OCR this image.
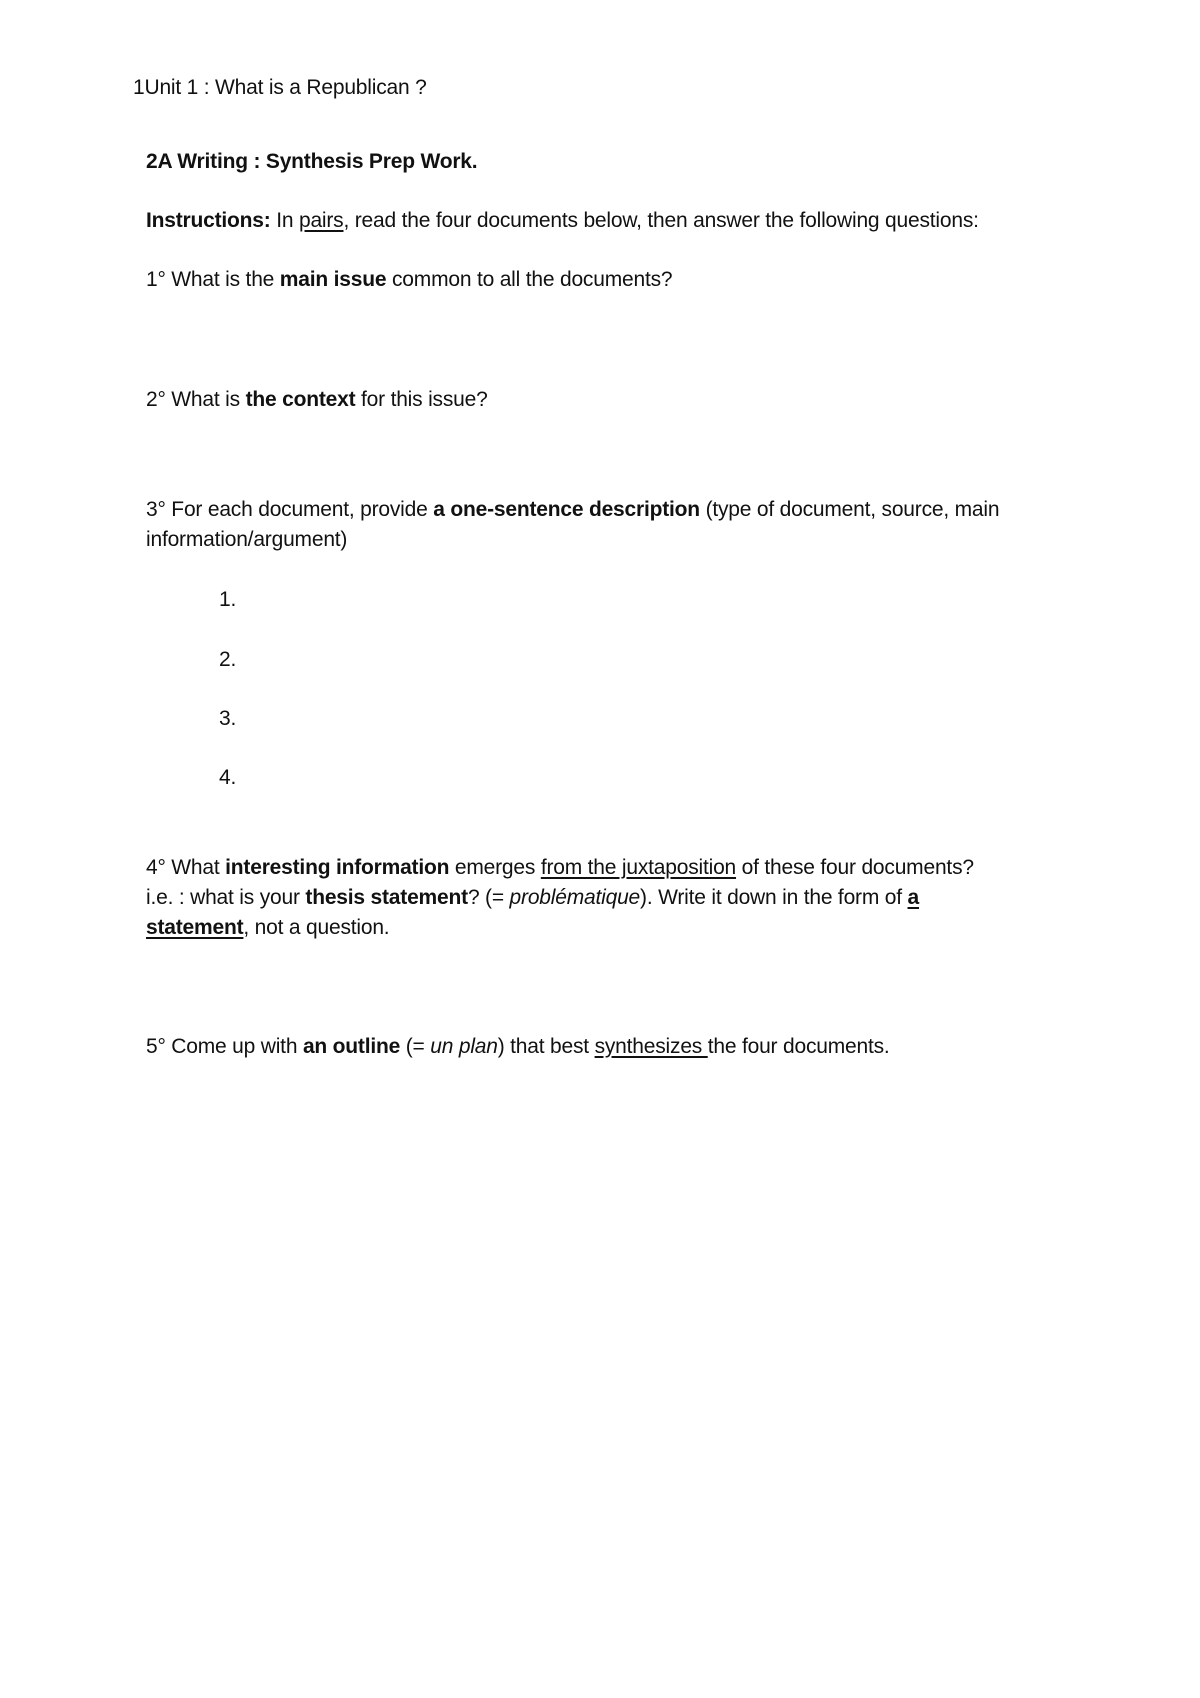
1Unit 1 : What is a Republican ?
2A Writing : Synthesis Prep Work.
Instructions: In pairs, read the four documents below, then answer the following questions:
1° What is the main issue common to all the documents?
2° What is the context for this issue?
3° For each document, provide a one-sentence description (type of document, source, main
information/argument)
1.
2.
3.
4.
4° What interesting information emerges from the juxtaposition of these four documents?
i.e. : what is your thesis statement? (= problématique). Write it down in the form of a
statement, not a question.
5° Come up with an outline (= un plan) that best synthesizes the four documents.
